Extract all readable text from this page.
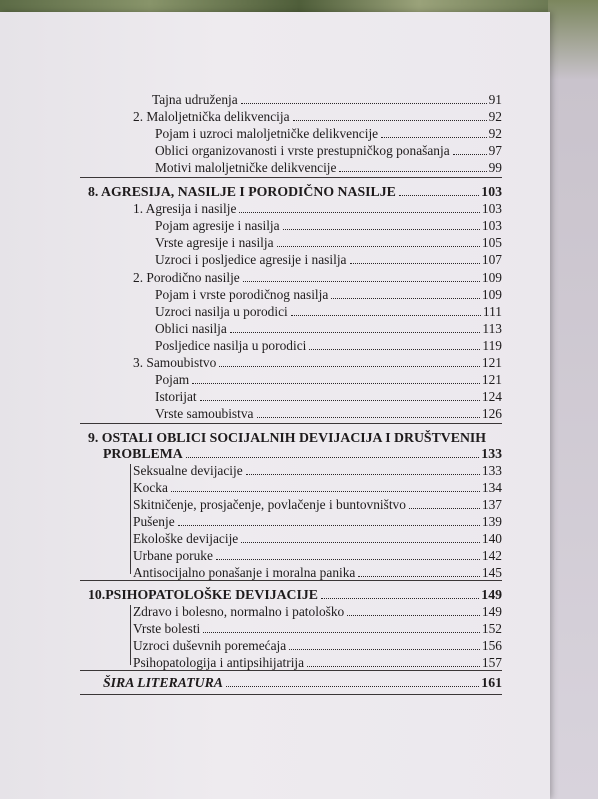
Tajna udruženja	91
2. Maloljetnička delikvencija	92
Pojam i uzroci maloljetničke delikvencije	92
Oblici organizovanosti i vrste prestupničkog ponašanja	97
Motivi maloljetničke delikvencije	99
8. AGRESIJA, NASILJE I PORODIČNO NASILJE	103
1. Agresija i nasilje	103
Pojam agresije i nasilja	103
Vrste agresije i nasilja	105
Uzroci i posljedice agresije i nasilja	107
2. Porodično nasilje	109
Pojam i vrste porodičnog nasilja	109
Uzroci nasilja u porodici	111
Oblici nasilja	113
Posljedice nasilja u porodici	119
3. Samoubistvo	121
Pojam	121
Istorijat	124
Vrste samoubistva	126
9. OSTALI OBLICI SOCIJALNIH DEVIJACIJA I DRUŠTVENIH
PROBLEMA	133
Seksualne devijacije	133
Kocka	134
Skitničenje, prosjačenje, povlačenje i buntovništvo	137
Pušenje	139
Ekološke devijacije	140
Urbane poruke	142
Antisocijalno ponašanje i moralna panika	145
10.PSIHOPATOLOŠKE DEVIJACIJE	149
Zdravo i bolesno, normalno i patološko	149
Vrste bolesti	152
Uzroci duševnih poremećaja	156
Psihopatologija i antipsihijatrija	157
ŠIRA LITERATURA	161
